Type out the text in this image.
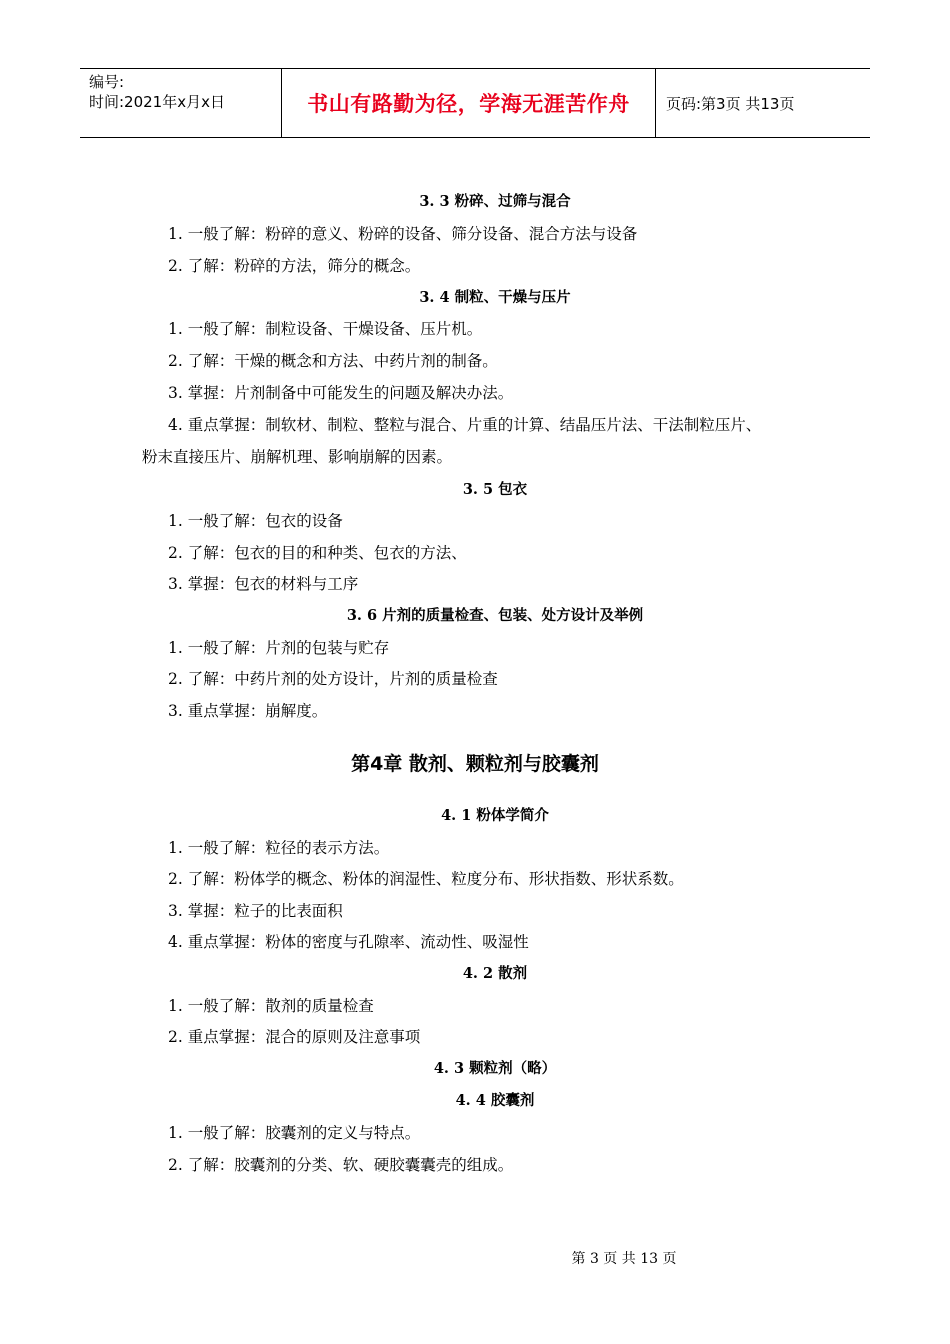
编号:
时间:2021年x月x日	书山有路勤为径，学海无涯苦作舟 页码:第3页 共13页
3. 3 粉碎、过筛与混合
1. 一般了解：粉碎的意义、粉碎的设备、筛分设备、混合方法与设备
2. 了解：粉碎的方法，筛分的概念。
3. 4 制粒、干燥与压片
1. 一般了解：制粒设备、干燥设备、压片机。
2. 了解：干燥的概念和方法、中药片剂的制备。
3. 掌握：片剂制备中可能发生的问题及解决办法。
4. 重点掌握：制软材、制粒、整粒与混合、片重的计算、结晶压片法、干法制粒压片、
粉末直接压片、崩解机理、影响崩解的因素。
3. 5 包衣
1. 一般了解：包衣的设备
2. 了解：包衣的目的和种类、包衣的方法、
3. 掌握：包衣的材料与工序
3. 6 片剂的质量检查、包装、处方设计及举例
1. 一般了解：片剂的包装与贮存
2. 了解：中药片剂的处方设计，片剂的质量检查
3. 重点掌握：崩解度。
第4章 散剂、颗粒剂与胶囊剂
4. 1 粉体学简介
1. 一般了解：粒径的表示方法。
2. 了解：粉体学的概念、粉体的润湿性、粒度分布、形状指数、形状系数。
3. 掌握：粒子的比表面积
4. 重点掌握：粉体的密度与孔隙率、流动性、吸湿性
4. 2 散剂
1. 一般了解：散剂的质量检查
2. 重点掌握：混合的原则及注意事项
4. 3 颗粒剂（略）
4. 4 胶囊剂
1. 一般了解：胶囊剂的定义与特点。
2. 了解：胶囊剂的分类、软、硬胶囊囊壳的组成。
第 3 页 共 13 页
